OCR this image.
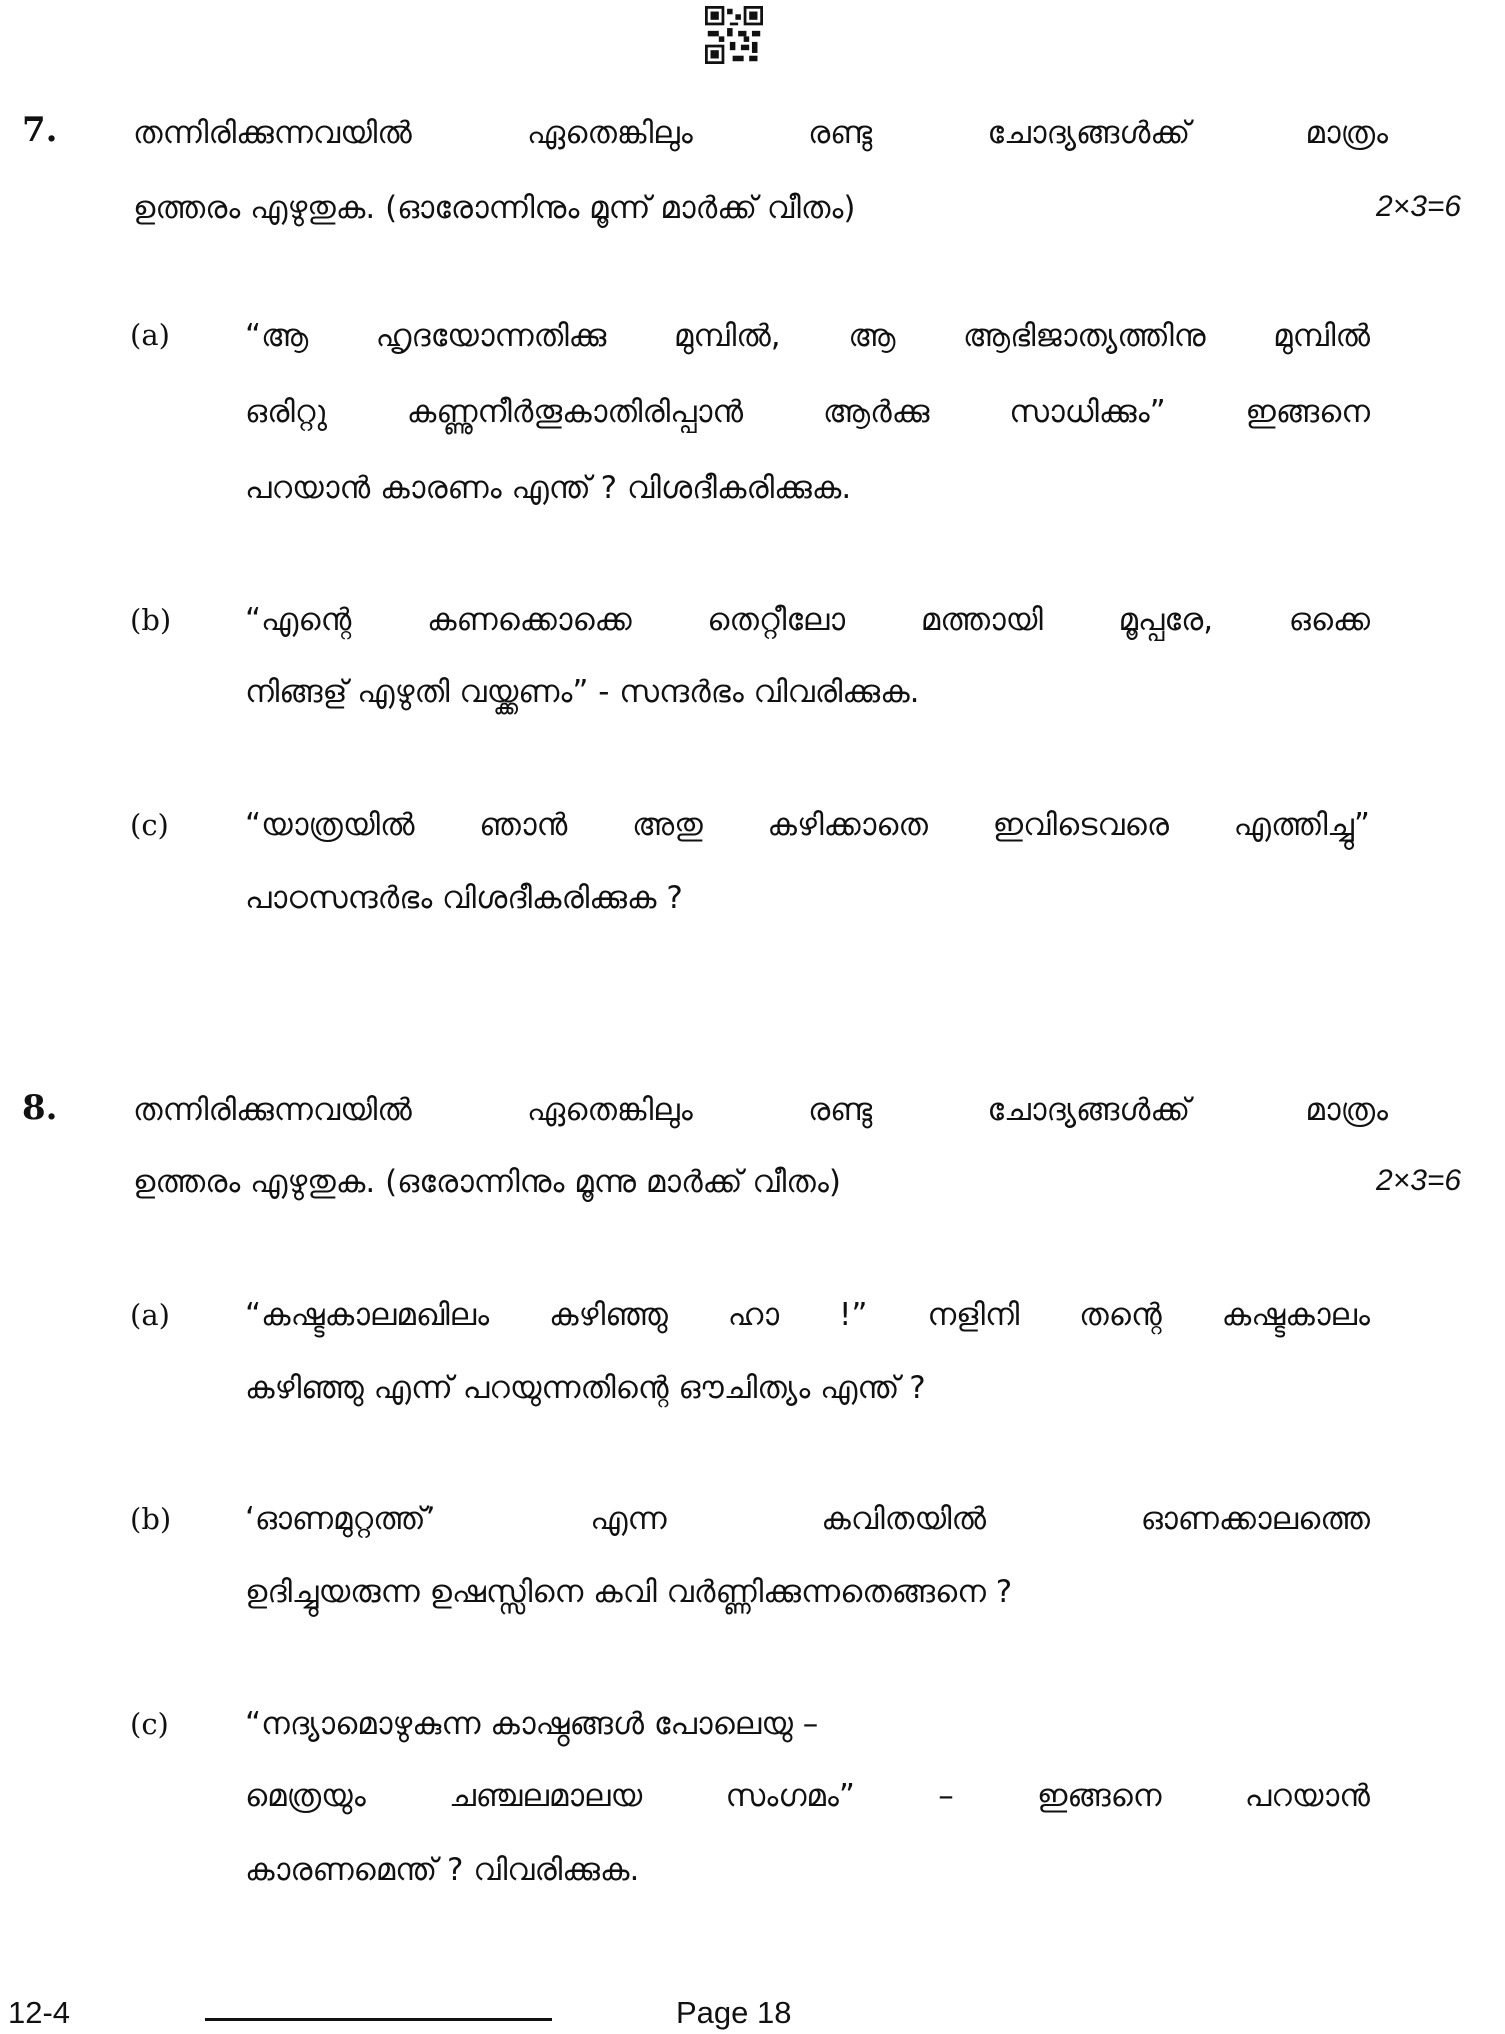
7. തന്നിരിക്കുന്നവയിൽ ഏതെങ്കിലും രണ്ടു ചോദ്യങ്ങൾക്ക് മാത്രം
ഉത്തരം എഴുതുക. (ഓരോന്നിനും മൂന്ന് മാർക്ക് വീതം)	2×3=6
(a) “ആ ഹൃദയോന്നതിക്കു മുമ്പിൽ, ആ ആഭിജാത്യത്തിനു മുമ്പിൽ
ഒരിറ്റു കണ്ണുനീർതൂകാതിരിപ്പാൻ ആർക്കു സാധിക്കും” ഇങ്ങനെ
പറയാൻ കാരണം എന്ത് ? വിശദീകരിക്കുക.
(b) “എന്റെ കണക്കൊക്കെ തെറ്റീലോ മത്തായി മൂപ്പരേ, ഒക്കെ
നിങ്ങള് എഴുതി വയ്ക്കണം” - സന്ദർഭം വിവരിക്കുക.
(c) “യാത്രയിൽ ഞാൻ അതു കഴിക്കാതെ ഇവിടെവരെ എത്തിച്ചു”
പാഠസന്ദർഭം വിശദീകരിക്കുക ?
8. തന്നിരിക്കുന്നവയിൽ ഏതെങ്കിലും രണ്ടു ചോദ്യങ്ങൾക്ക് മാത്രം
ഉത്തരം എഴുതുക. (ഒരോന്നിനും മൂന്നു മാർക്ക് വീതം)	2×3=6
(a) “കഷ്ടകാലമഖിലം കഴിഞ്ഞു ഹാ !” നളിനി തന്റെ കഷ്ടകാലം
കഴിഞ്ഞു എന്ന് പറയുന്നതിന്റെ ഔചിത്യം എന്ത് ?
(b) ‘ഓണമുറ്റത്ത്’ എന്ന കവിതയിൽ ഓണക്കാലത്തെ
ഉദിച്ചുയരുന്ന ഉഷസ്സിനെ കവി വർണ്ണിക്കുന്നതെങ്ങനെ ?
(c) “നദ്യാമൊഴുകുന്ന കാഷ്ഠങ്ങൾ പോലെയു –
മെത്രയും ചഞ്ചലമാലയ സംഗമം” – ഇങ്ങനെ പറയാൻ
കാരണമെന്ത് ? വിവരിക്കുക.
12-4	Page 18
